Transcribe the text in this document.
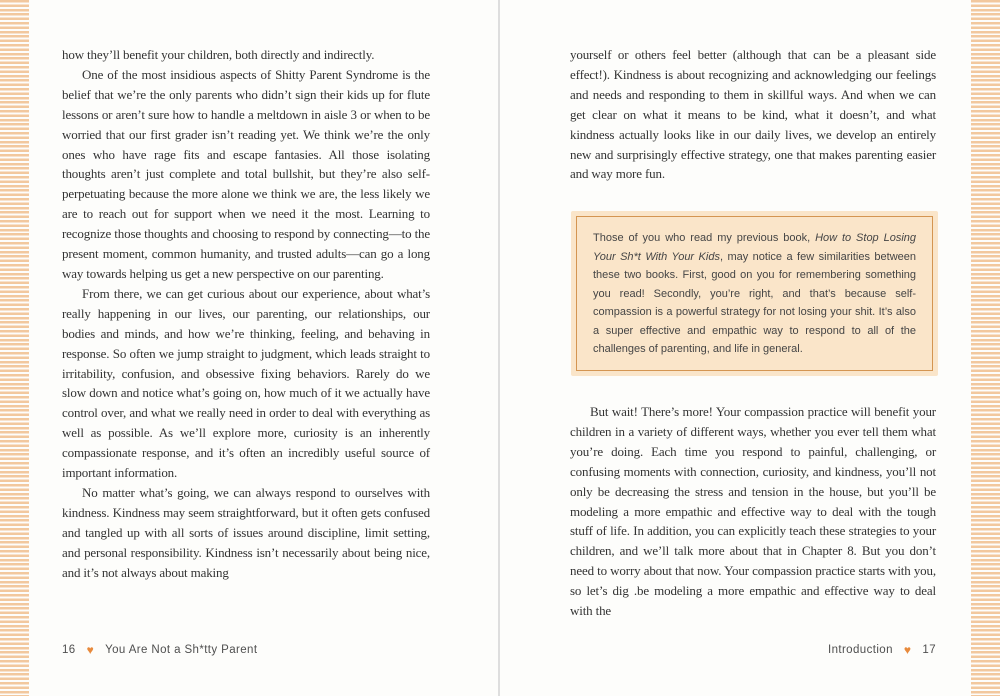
how they’ll benefit your children, both directly and indirectly.
One of the most insidious aspects of Shitty Parent Syndrome is the belief that we’re the only parents who didn’t sign their kids up for flute lessons or aren’t sure how to handle a meltdown in aisle 3 or when to be worried that our first grader isn’t reading yet. We think we’re the only ones who have rage fits and escape fantasies. All those isolating thoughts aren’t just complete and total bullshit, but they’re also self-perpetuating because the more alone we think we are, the less likely we are to reach out for support when we need it the most. Learning to recognize those thoughts and choosing to respond by connecting—to the present moment, common humanity, and trusted adults—can go a long way towards helping us get a new perspective on our parenting.
From there, we can get curious about our experience, about what’s really happening in our lives, our parenting, our relationships, our bodies and minds, and how we’re thinking, feeling, and behaving in response. So often we jump straight to judgment, which leads straight to irritability, confusion, and obsessive fixing behaviors. Rarely do we slow down and notice what’s going on, how much of it we actually have control over, and what we really need in order to deal with everything as well as possible. As we’ll explore more, curiosity is an inherently compassionate response, and it’s often an incredibly useful source of important information.
No matter what’s going, we can always respond to ourselves with kindness. Kindness may seem straightforward, but it often gets confused and tangled up with all sorts of issues around discipline, limit setting, and personal responsibility. Kindness isn’t necessarily about being nice, and it’s not always about making
yourself or others feel better (although that can be a pleasant side effect!). Kindness is about recognizing and acknowledging our feelings and needs and responding to them in skillful ways. And when we can get clear on what it means to be kind, what it doesn’t, and what kindness actually looks like in our daily lives, we develop an entirely new and surprisingly effective strategy, one that makes parenting easier and way more fun.
Those of you who read my previous book, How to Stop Losing Your Sh*t With Your Kids, may notice a few similarities between these two books. First, good on you for remembering something you read! Secondly, you’re right, and that’s because self-compassion is a powerful strategy for not losing your shit. It’s also a super effective and empathic way to respond to all of the challenges of parenting, and life in general.
But wait! There’s more! Your compassion practice will benefit your children in a variety of different ways, whether you ever tell them what you’re doing. Each time you respond to painful, challenging, or confusing moments with connection, curiosity, and kindness, you’ll not only be decreasing the stress and tension in the house, but you’ll be modeling a more empathic and effective way to deal with the tough stuff of life. In addition, you can explicitly teach these strategies to your children, and we’ll talk more about that in Chapter 8. But you don’t need to worry about that now. Your compassion practice starts with you, so let’s dig .be modeling a more empathic and effective way to deal with the
16 ♥ You Are Not a Sh*tty Parent	Introduction ♥ 17
